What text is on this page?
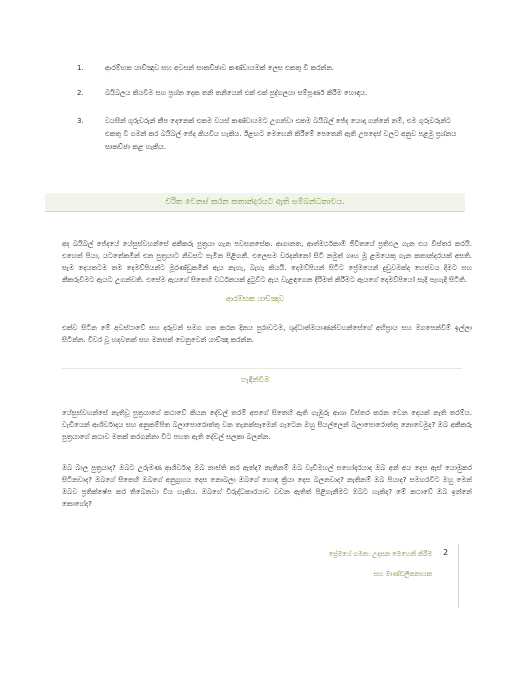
1.	ආරම්භක යාච්ඤාව සහ අවසන් සාකච්ඡාව කණ්ඩායමක් ලෙස එකතු වී කරන්න.
2.	බයිබලය කියවීම සහ ප්‍රශ්න දෙක තනි තනියෙන් එක් එක් පුද්ගලයා සම්පූර්ණ කිරීම හොඳය.
3.	වයසින් ගුරුවරුන් කීප දෙනෙක් එකම වයස් කණ්ඩායමට උගන්වා එකම බයිබල් ජේද යොදා ගන්නේ නම්, එම ගුරුවරුන්ට එකතු වී ගමන් කර බයිබල් ජේද කියවිය හැකිය. ඊළඟට මෙහෙනි කිරීමේ පෙතෙනි ඇති උපදෙස් වලට අනුව පළමු ප්‍රශ්නය සාකච්ඡා කළ හැකිය.
චරිත වෙනස් කරන කතාන්දරයට ඇති සම්බන්ධතාවය.
අද බයිබල් ජේදයේ යේසුස්වහන්සේ අකීකරු පුත්‍රයා ගැන පවසනසේක. ආගානත, ආත්මර්ථකාමී ජීවිතයේ ප්‍රතිඵල ගැන එය විස්තර කරයි. එහෙත් පියා, යටතේකමින් එන පුත්‍රයාට නිවසට පැමින පිළිගනී. එලෙසම වරදන්නෝ සිටි නමුත් ගෘහ මූ ළමයෙකු ගැන කතාන්දරයක් අසති. සැම දෙයකටම තම දෙමව්පියන්ට මූරණ්ඩුකමින් ඇය නැහැ, බැහැ කියයි. දෙමව්පියන් සිටිට ප්‍රේමයෙන් දුඩුවමක්ද හෙජවය දීමට සහ කීකරුවීමට ඇයට උගන්වති. එසේම ඇයගේ සිතෙහි වර්ධනයක් දුටුවිට ඇය වැළඳගෙන දිරිමත් කිරීමට ඇයගේ දෙමව්පියෝ සැදී පැහැදී සිටිති.
ආරම්භක යාච්ඤාව
එක්ව සිටින මේ අවස්ථාවේ සහ දරුවන් සමග ගත කරන දිනය පුරාවටම, ශුද්ධාත්මයාණන්වහන්සේගේ අභිප්‍රාය සහ මගපෙන්වීම් ඉල්ලා සිටින්න. විවර වූ හදවතක් සහ මනසක් වෙනුවෙන් යාච්ඤා කරන්න.
හැඳින්වීම
යේසුස්වහන්සේ නැතිවූ පුත්‍රයාගේ කථාවේ කියන දේවල් තරම් අපගේ සිතෙහි ඇති ගැඹුරු ආශා විස්තර කරන වෙන දෙයක් නැති තරම්ය. වැඩියෙන් ආශිර්වාදය සහ අනුකම්පිත බලාපොරොත්තු වන තැනක්සෑමෙන් ගැටෙන ඔහු සියල්ලෙන් බලාපොරොත්තු නොවෙමුද? ඔබ අකීකරු පුත්‍රයාගේ කථාව මතක් කරගන්නා විට පහත ඇති දේවල් සලකා බලන්න.
ඔබ බාල පුත්‍රයාද? ඔබට උරුමණ ආශිර්වාද ඔබ නාස්ති කර ඇත්ද? නැතිනම් ඔබ වැඩිමහල් සහෝදරයාද ඔබ අන් අය දෙස ඇස් යොමුකර සිටිනවාද? ඔබගේ සිතෙහි ඔබගේ අනුග්‍රහය දෙස නොබලා ඔබගේ හොඳ ක්‍රියා දෙස බලනවාද? නැතිනම් ඔබ පියාද? සමහරවිට ඔහු මෙන් ඔබව ප්‍රතික්ෂේප කර තිබෙනවා විය හැකිය. ඔබගේ විරුද්ධකාරයාව වචන ඇතිත් පිළිගැනීමට ඔබට හැකිද? මේ කථාවේ ඔබ ඉන්නේ කොහේද?
ප්‍රේමයේ ගමන: උදාසන මෙහෙනි කිරීම
සහ මාණ්ඩලිකනායක
2
